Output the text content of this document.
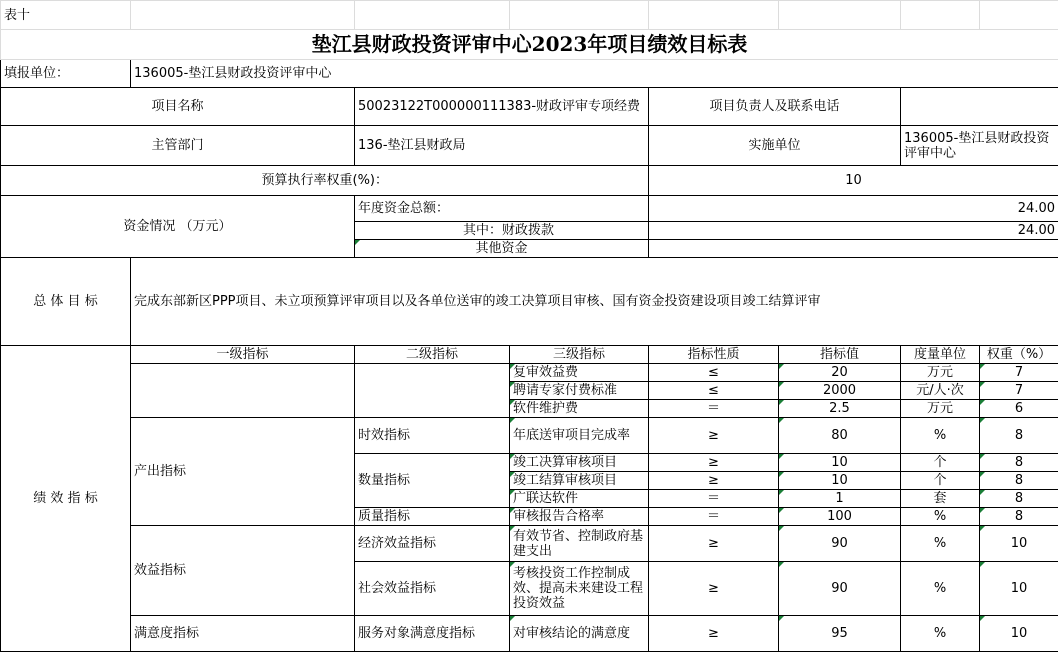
表十							
垫江县财政投资评审中心2023年项目绩效目标表							
填报单位：	136005-垫江县财政投资评审中心						
项目名称		50023122T000000111383-财政评审专项经费		项目负责人及联系电话			
主管部门		136-垫江县财政局		实施单位		136005-垫江县财政投资评审中心	
预算执行率权重(%)：				10			
资金情况 （万元）		年度资金总额：		24.00			
		其中：财政拨款		24.00			
		其他资金					
总 体 目 标	完成东部新区PPP项目、未立项预算评审项目以及各单位送审的竣工决算项目审核、国有资金投资建设项目竣工结算评审						
绩 效 指 标	一级指标	二级指标	三级指标	指标性质	指标值	度量单位	权重（%）
			复审效益费	≤	20	万元	7
			聘请专家付费标准	≤	2000	元/人·次	7
			软件维护费	＝	2.5	万元	6
	产出指标	时效指标	年底送审项目完成率	≥	80	%	8
		数量指标	竣工决算审核项目	≥	10	个	8
			竣工结算审核项目	≥	10	个	8
			广联达软件	＝	1	套	8
		质量指标	审核报告合格率	＝	100	%	8
	效益指标	经济效益指标	有效节省、控制政府基建支出	≥	90	%	10
		社会效益指标	考核投资工作控制成效、提高未来建设工程投资效益	≥	90	%	10
	满意度指标	服务对象满意度指标	对审核结论的满意度	≥	95	%	10
